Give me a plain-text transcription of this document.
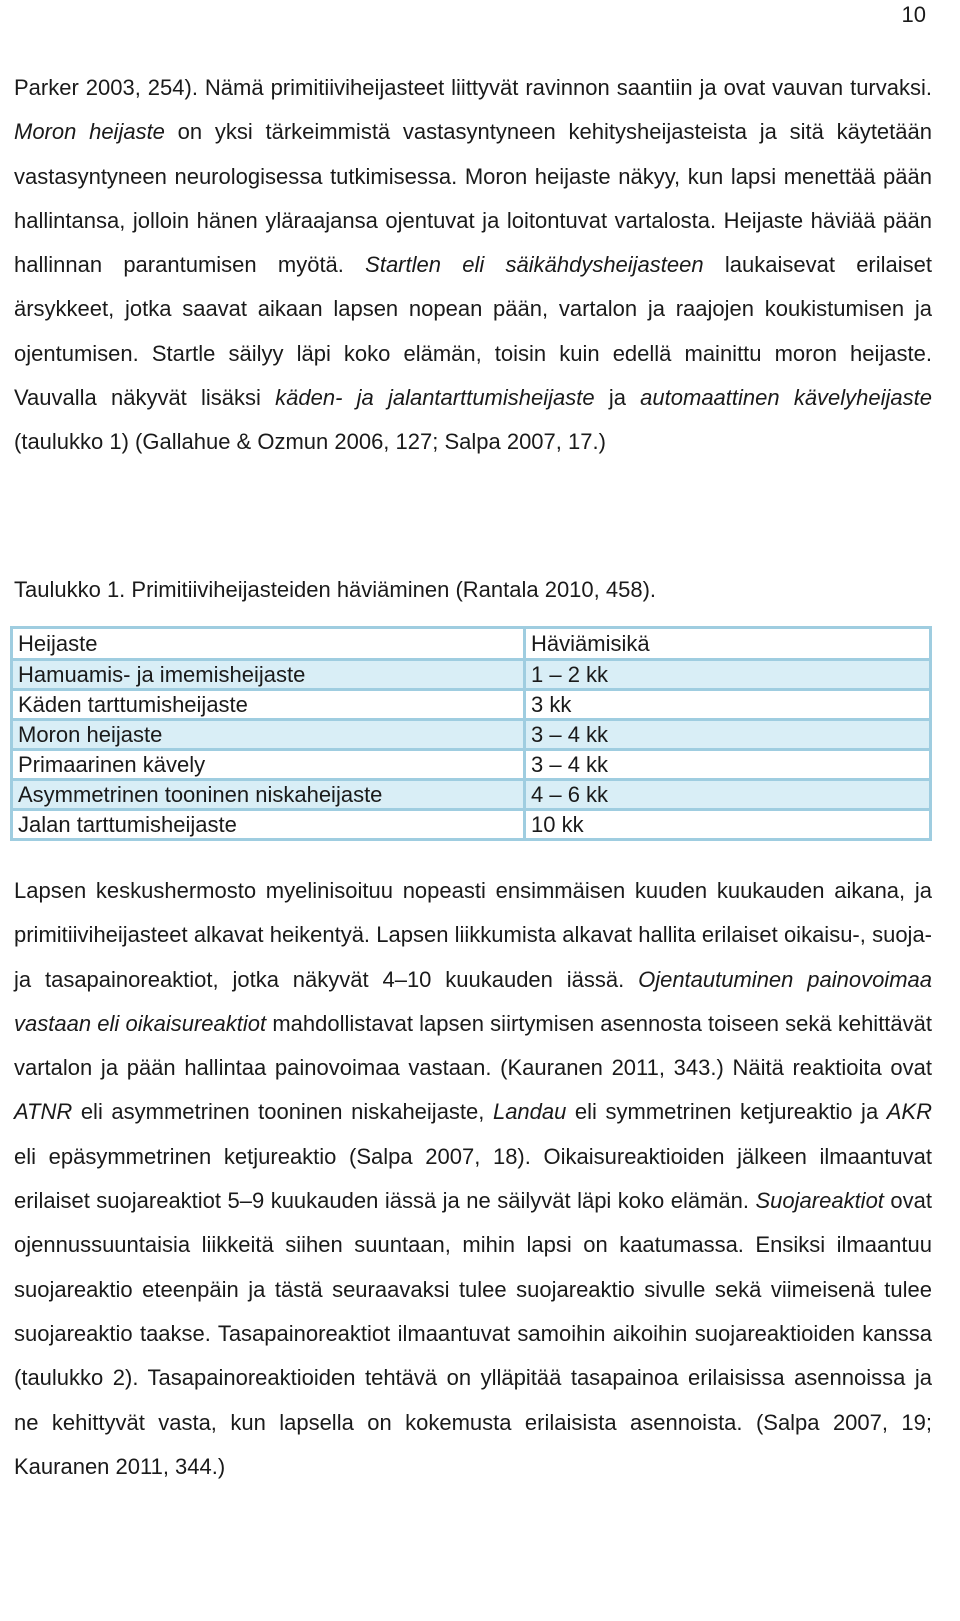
10

Parker 2003, 254). Nämä primitiiviheijasteet liittyvät ravinnon saantiin ja ovat vauvan turvaksi. Moron heijaste on yksi tärkeimmistä vastasyntyneen kehitysheijasteista ja sitä käytetään vastasyntyneen neurologisessa tutkimisessa. Moron heijaste näkyy, kun lapsi menettää pään hallintansa, jolloin hänen yläraajansa ojentuvat ja loitontuvat vartalosta. Heijaste häviää pään hallinnan parantumisen myötä. Startlen eli säikähdysheijasteen laukaisevat erilaiset ärsykkeet, jotka saavat aikaan lapsen nopean pään, vartalon ja raajojen koukistumisen ja ojentumisen. Startle säilyy läpi koko elämän, toisin kuin edellä mainittu moron heijaste. Vauvalla näkyvät lisäksi käden- ja jalantarttumisheijaste ja automaattinen kävelyheijaste (taulukko 1) (Gallahue & Ozmun 2006, 127; Salpa 2007, 17.)

Taulukko 1. Primitiiviheijasteiden häviäminen (Rantala 2010, 458).

Heijaste	Häviämisikä
Hamuamis- ja imemisheijaste	1 – 2 kk
Käden tarttumisheijaste	3 kk
Moron heijaste	3 – 4 kk
Primaarinen kävely	3 – 4 kk
Asymmetrinen tooninen niskaheijaste	4 – 6 kk
Jalan tarttumisheijaste	10 kk

Lapsen keskushermosto myelinisoituu nopeasti ensimmäisen kuuden kuukauden aikana, ja primitiiviheijasteet alkavat heikentyä. Lapsen liikkumista alkavat hallita erilaiset oikaisu-, suoja- ja tasapainoreaktiot, jotka näkyvät 4–10 kuukauden iässä. Ojentautuminen painovoimaa vastaan eli oikaisureaktiot mahdollistavat lapsen siirtymisen asennosta toiseen sekä kehittävät vartalon ja pään hallintaa painovoimaa vastaan. (Kauranen 2011, 343.) Näitä reaktioita ovat ATNR eli asymmetrinen tooninen niskaheijaste, Landau eli symmetrinen ketjureaktio ja AKR eli epäsymmetrinen ketjureaktio (Salpa 2007, 18). Oikaisureaktioiden jälkeen ilmaantuvat erilaiset suojareaktiot 5–9 kuukauden iässä ja ne säilyvät läpi koko elämän. Suojareaktiot ovat ojennussuuntaisia liikkeitä siihen suuntaan, mihin lapsi on kaatumassa. Ensiksi ilmaantuu suojareaktio eteenpäin ja tästä seuraavaksi tulee suojareaktio sivulle sekä viimeisenä tulee suojareaktio taakse. Tasapainoreaktiot ilmaantuvat samoihin aikoihin suojareaktioiden kanssa (taulukko 2). Tasapainoreaktioiden tehtävä on ylläpitää tasapainoa erilaisissa asennoissa ja ne kehittyvät vasta, kun lapsella on kokemusta erilaisista asennoista. (Salpa 2007, 19; Kauranen 2011, 344.)
